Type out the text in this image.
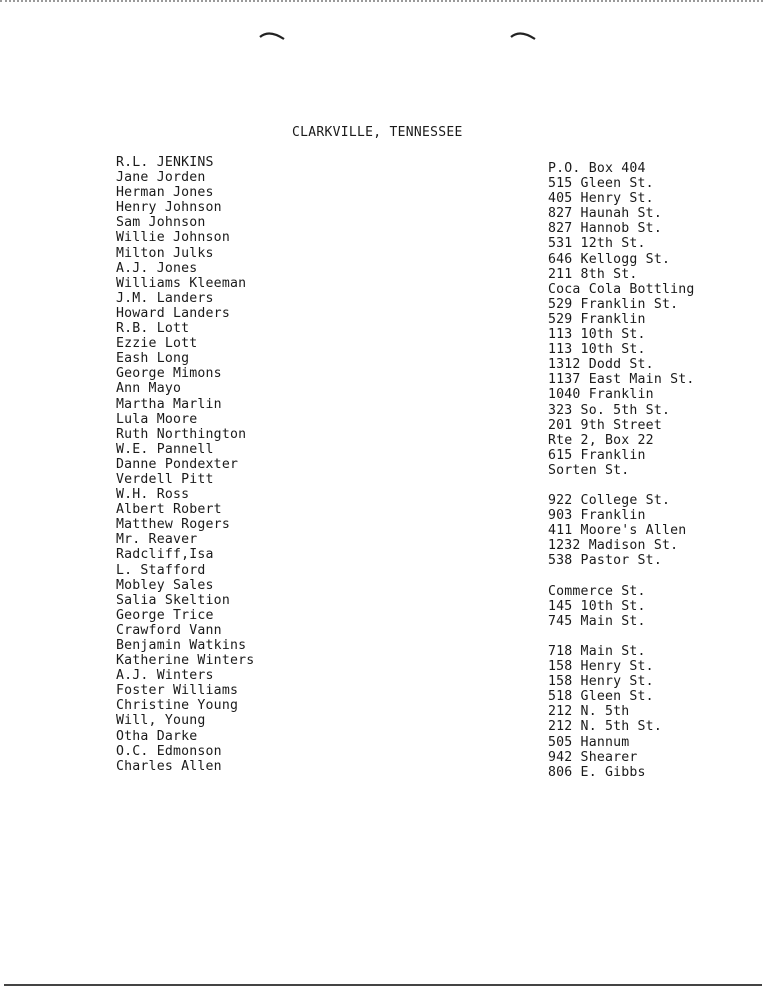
CLARKVILLE, TENNESSEE
R.L. JENKINS
Jane Jorden
Herman Jones
Henry Johnson
Sam Johnson
Willie Johnson
Milton Julks
A.J. Jones
Williams Kleeman
J.M. Landers
Howard Landers
R.B. Lott
Ezzie Lott
Eash Long
George Mimons
Ann Mayo
Martha Marlin
Lula Moore
Ruth Northington
W.E. Pannell
Danne Pondexter
Verdell Pitt
W.H. Ross
Albert Robert
Matthew Rogers
Mr. Reaver
Radcliff,Isa
L. Stafford
Mobley Sales
Salia Skeltion
George Trice
Crawford Vann
Benjamin Watkins
Katherine Winters
A.J. Winters
Foster Williams
Christine Young
Will, Young
Otha Darke
O.C. Edmonson
Charles Allen
P.O. Box 404
515 Gleen St.
405 Henry St.
827 Haunah St.
827 Hannob St.
531 12th St.
646 Kellogg St.
211 8th St.
Coca Cola Bottling
529 Franklin St.
529 Franklin
113 10th St.
113 10th St.
1312 Dodd St.
1137 East Main St.
1040 Franklin
323 So. 5th St.
201 9th Street
Rte 2, Box 22
615 Franklin
Sorten St.
922 College St.
903 Franklin
411 Moore's Allen
1232 Madison St.
538 Pastor St.
Commerce St.
145 10th St.
745 Main St.
718 Main St.
158 Henry St.
158 Henry St.
518 Gleen St.
212 N. 5th
212 N. 5th St.
505 Hannum
942 Shearer
806 E. Gibbs
